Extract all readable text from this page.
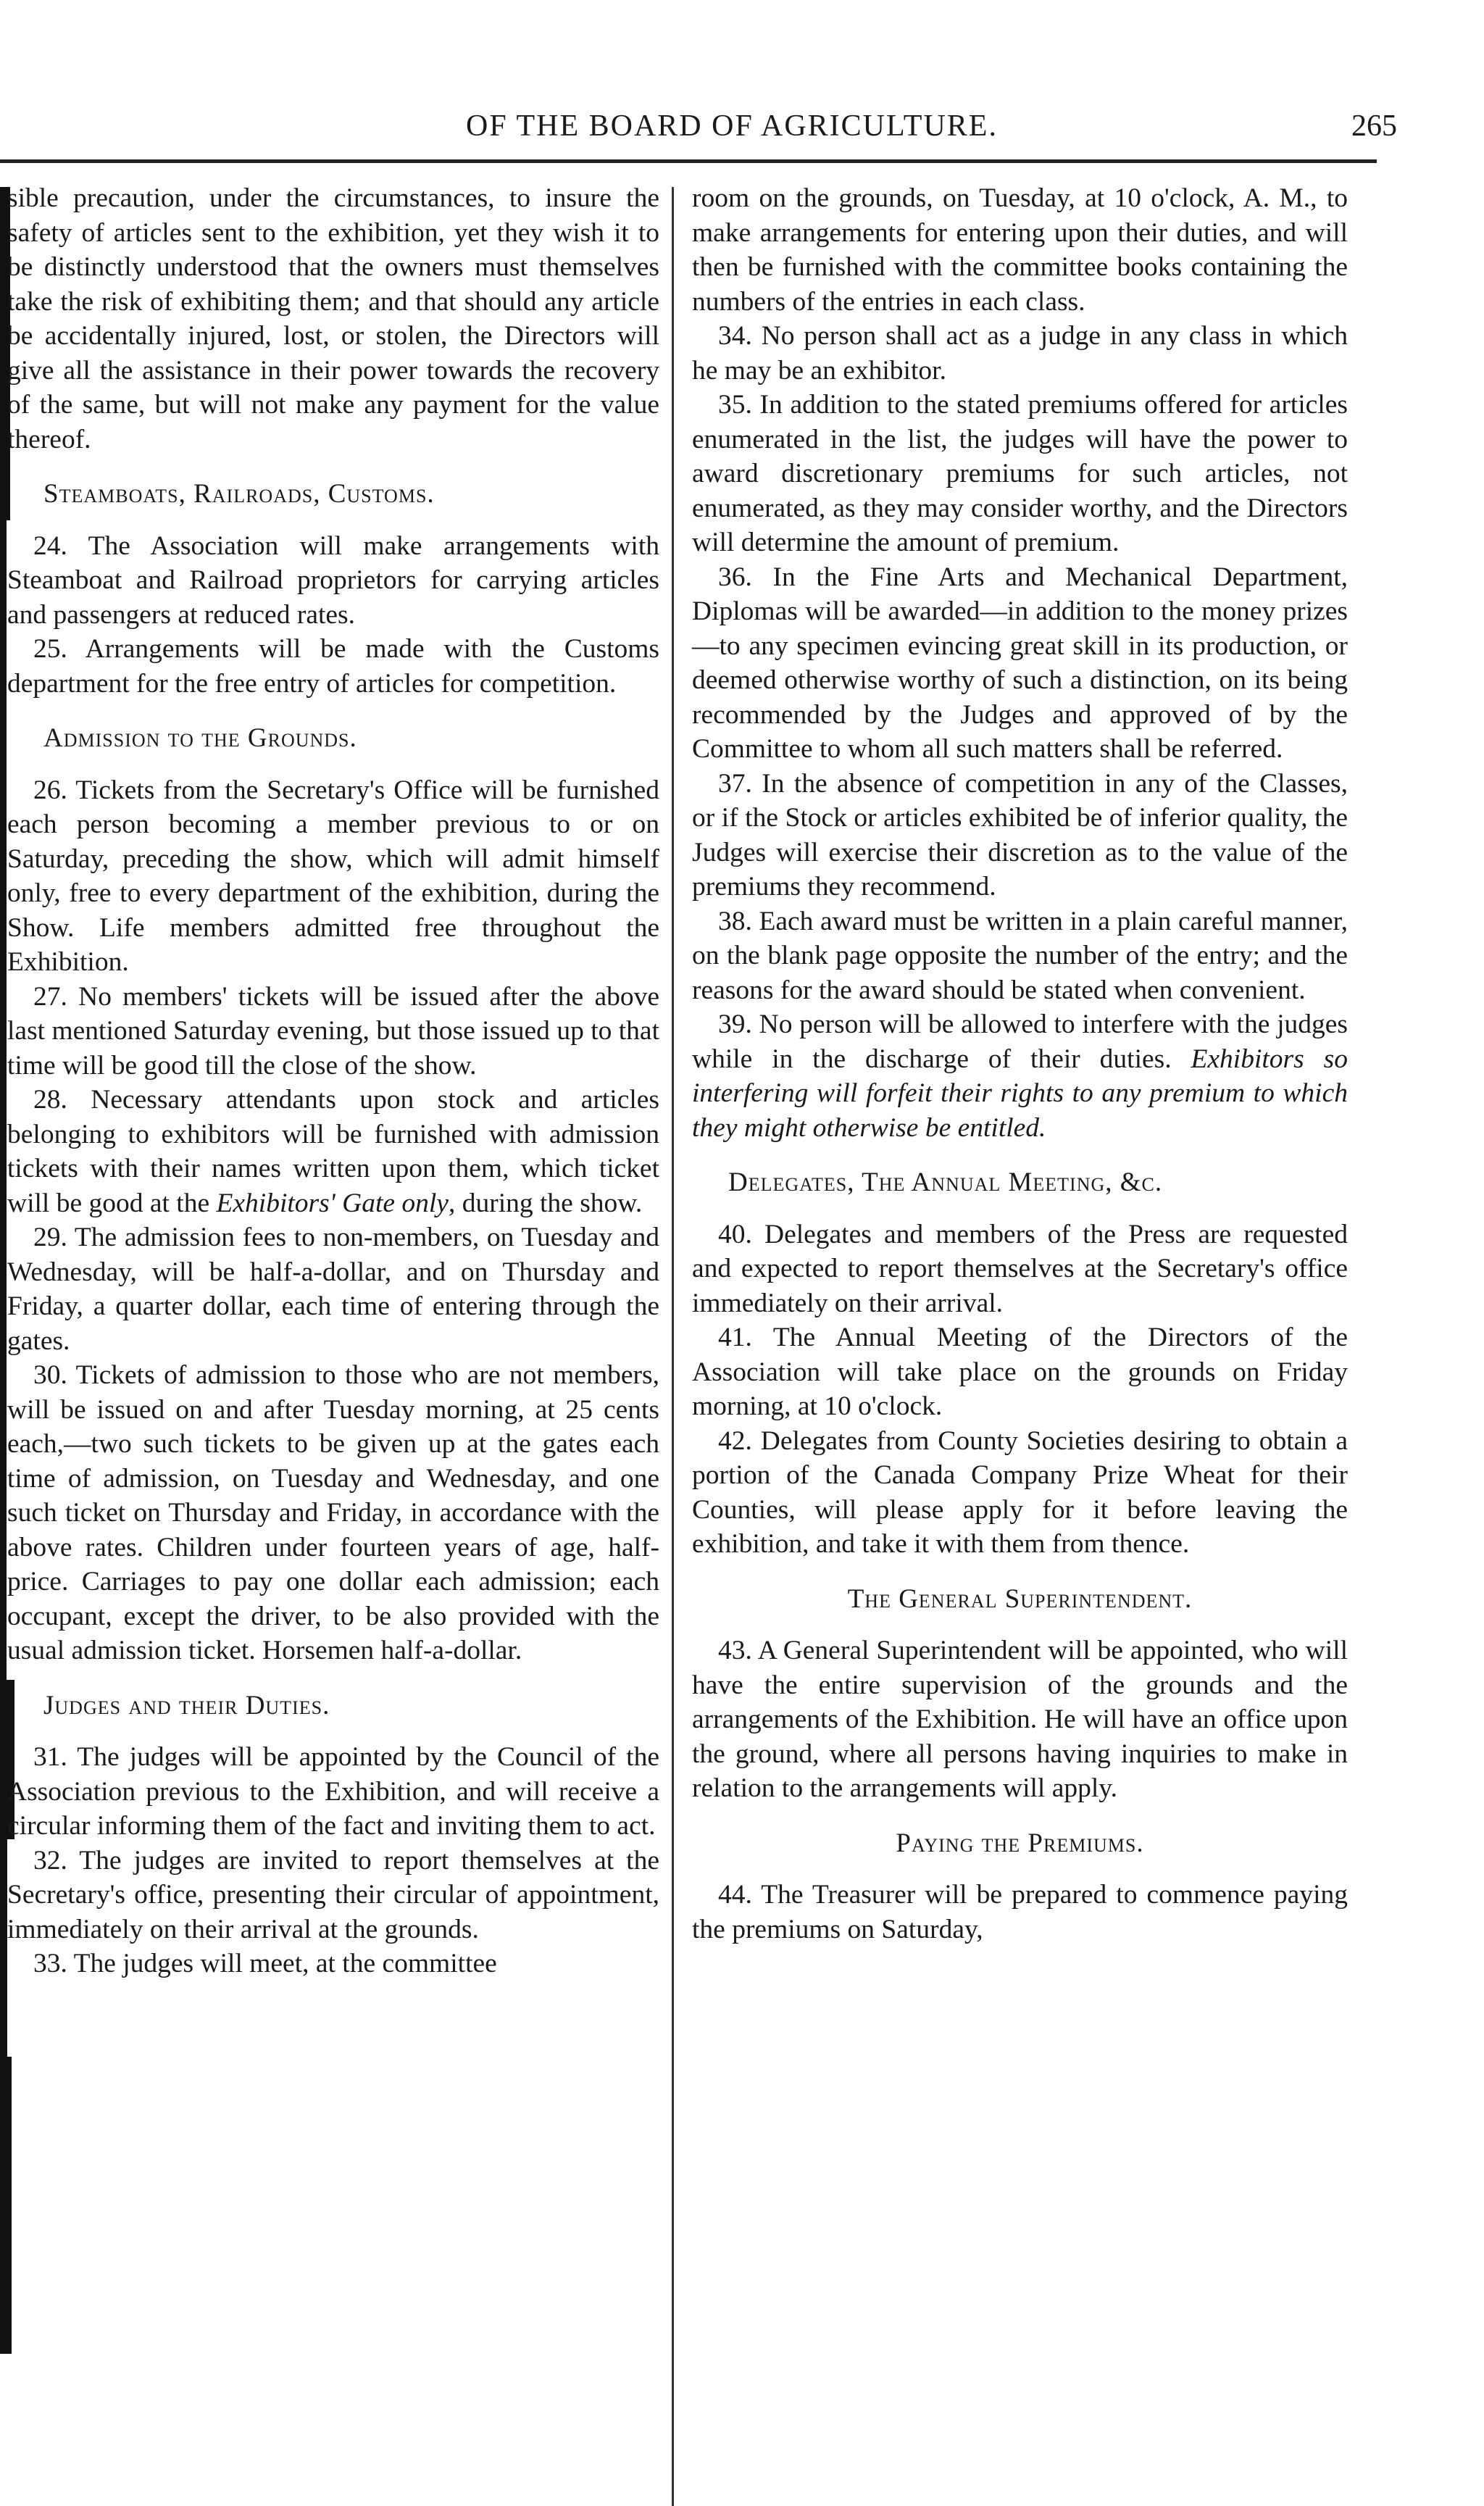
OF THE BOARD OF AGRICULTURE.	265

sible precaution, under the circumstances, to insure the safety of articles sent to the exhibition, yet they wish it to be distinctly understood that the owners must themselves take the risk of exhibiting them; and that should any article be accidentally injured, lost, or stolen, the Directors will give all the assistance in their power towards the recovery of the same, but will not make any payment for the value thereof.

Steamboats, Railroads, Customs.

24. The Association will make arrangements with Steamboat and Railroad proprietors for carrying articles and passengers at reduced rates.

25. Arrangements will be made with the Customs department for the free entry of articles for competition.

Admission to the Grounds.

26. Tickets from the Secretary's Office will be furnished each person becoming a member previous to or on Saturday, preceding the show, which will admit himself only, free to every department of the exhibition, during the Show. Life members admitted free throughout the Exhibition.

27. No members' tickets will be issued after the above last mentioned Saturday evening, but those issued up to that time will be good till the close of the show.

28. Necessary attendants upon stock and articles belonging to exhibitors will be furnished with admission tickets with their names written upon them, which ticket will be good at the Exhibitors' Gate only, during the show.

29. The admission fees to non-members, on Tuesday and Wednesday, will be half-a-dollar, and on Thursday and Friday, a quarter dollar, each time of entering through the gates.

30. Tickets of admission to those who are not members, will be issued on and after Tuesday morning, at 25 cents each,—two such tickets to be given up at the gates each time of admission, on Tuesday and Wednesday, and one such ticket on Thursday and Friday, in accordance with the above rates. Children under fourteen years of age, half-price. Carriages to pay one dollar each admission; each occupant, except the driver, to be also provided with the usual admission ticket. Horsemen half-a-dollar.

Judges and their Duties.

31. The judges will be appointed by the Council of the Association previous to the Exhibition, and will receive a circular informing them of the fact and inviting them to act.

32. The judges are invited to report themselves at the Secretary's office, presenting their circular of appointment, immediately on their arrival at the grounds.

33. The judges will meet, at the committee

room on the grounds, on Tuesday, at 10 o'clock, A. M., to make arrangements for entering upon their duties, and will then be furnished with the committee books containing the numbers of the entries in each class.

34. No person shall act as a judge in any class in which he may be an exhibitor.

35. In addition to the stated premiums offered for articles enumerated in the list, the judges will have the power to award discretionary premiums for such articles, not enumerated, as they may consider worthy, and the Directors will determine the amount of premium.

36. In the Fine Arts and Mechanical Department, Diplomas will be awarded—in addition to the money prizes—to any specimen evincing great skill in its production, or deemed otherwise worthy of such a distinction, on its being recommended by the Judges and approved of by the Committee to whom all such matters shall be referred.

37. In the absence of competition in any of the Classes, or if the Stock or articles exhibited be of inferior quality, the Judges will exercise their discretion as to the value of the premiums they recommend.

38. Each award must be written in a plain careful manner, on the blank page opposite the number of the entry; and the reasons for the award should be stated when convenient.

39. No person will be allowed to interfere with the judges while in the discharge of their duties. Exhibitors so interfering will forfeit their rights to any premium to which they might otherwise be entitled.

Delegates, The Annual Meeting, &c.

40. Delegates and members of the Press are requested and expected to report themselves at the Secretary's office immediately on their arrival.

41. The Annual Meeting of the Directors of the Association will take place on the grounds on Friday morning, at 10 o'clock.

42. Delegates from County Societies desiring to obtain a portion of the Canada Company Prize Wheat for their Counties, will please apply for it before leaving the exhibition, and take it with them from thence.

The General Superintendent.

43. A General Superintendent will be appointed, who will have the entire supervision of the grounds and the arrangements of the Exhibition. He will have an office upon the ground, where all persons having inquiries to make in relation to the arrangements will apply.

Paying the Premiums.

44. The Treasurer will be prepared to commence paying the premiums on Saturday,
